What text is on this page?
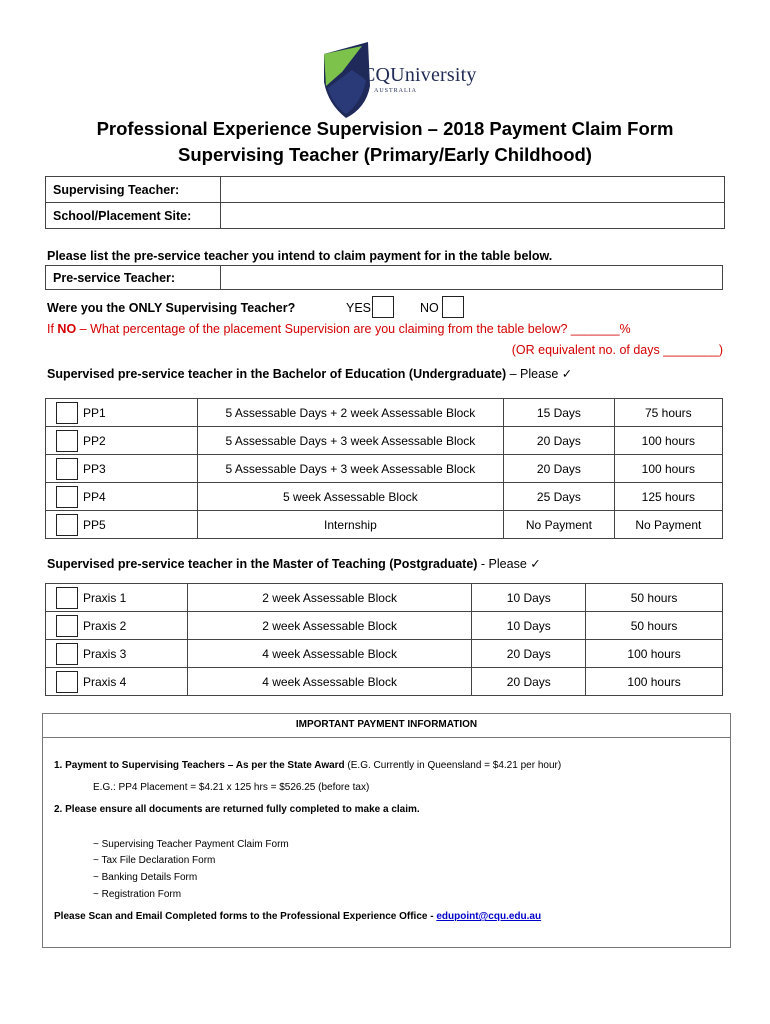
CQUniversity
AUSTRALIA
Professional Experience Supervision – 2018 Payment Claim Form
Supervising Teacher (Primary/Early Childhood)
Supervising Teacher:	
School/Placement Site:	
Please list the pre-service teacher you intend to claim payment for in the table below.
Pre-service Teacher:	
Were you the ONLY Supervising Teacher?	YES	NO
If NO – What percentage of the placement Supervision are you claiming from the table below? _______%
(OR equivalent no. of days ________)
Supervised pre-service teacher in the Bachelor of Education (Undergraduate) – Please ✓
PP1	5 Assessable Days + 2 week Assessable Block	15 Days	75 hours

PP2	5 Assessable Days + 3 week Assessable Block	20 Days	100 hours

PP3	5 Assessable Days + 3 week Assessable Block	20 Days	100 hours

PP4	5 week Assessable Block	25 Days	125 hours

PP5	Internship	No Payment	No Payment
Supervised pre-service teacher in the Master of Teaching (Postgraduate) - Please ✓
Praxis 1	2 week Assessable Block	10 Days	50 hours

Praxis 2	2 week Assessable Block	10 Days	50 hours

Praxis 3	4 week Assessable Block	20 Days	100 hours

Praxis 4	4 week Assessable Block	20 Days	100 hours
IMPORTANT PAYMENT INFORMATION
1. Payment to Supervising Teachers – As per the State Award (E.G. Currently in Queensland = $4.21 per hour)
E.G.: PP4 Placement = $4.21 x 125 hrs = $526.25 (before tax)
2. Please ensure all documents are returned fully completed to make a claim.
~ Supervising Teacher Payment Claim Form
~ Tax File Declaration Form
~ Banking Details Form
~ Registration Form
Please Scan and Email Completed forms to the Professional Experience Office - edupoint@cqu.edu.au
